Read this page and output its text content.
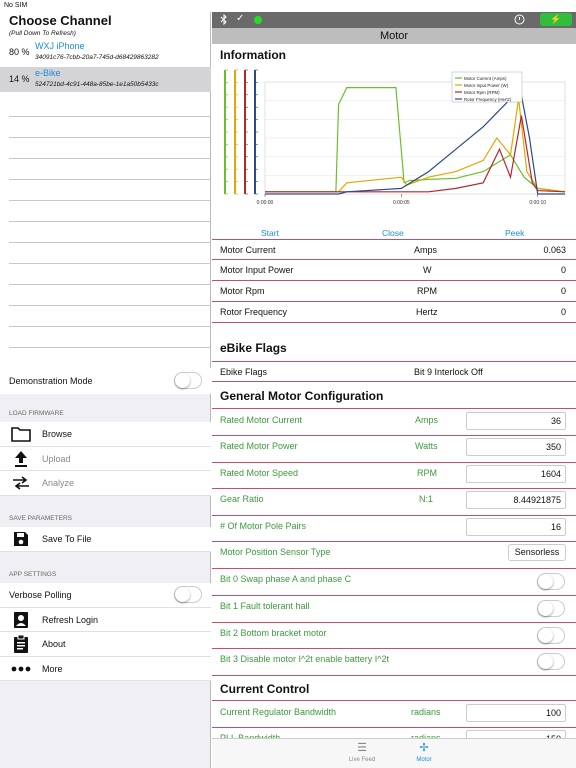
No SIM
Choose Channel
(Pull Down To Refresh)
80 %
WXJ iPhone
34091c76-7cbb-20a7-745d-d68429863282
14 %
e-Bike
524721bd-4c91-448a-85be-1e1a50b5433c
Demonstration Mode
LOAD FIRMWARE
Browse
Upload
Analyze
SAVE PARAMETERS
Save To File
APP SETTINGS
Verbose Polling
Refresh Login
About
More
✓	⚡
Motor
Information
0:00:00	0:00:05	0:00:10
Motor Current (Amps)
Motor Input Power (W)
Motor Rpm (RPM)
Rotor Frequency (Hertz)
Start	Close	Peek
Motor Current	Amps	0.063
Motor Input Power	W	0
Motor Rpm	RPM	0
Rotor Frequency	Hertz	0
eBike Flags
Ebike Flags	Bit 9 Interlock Off
General Motor Configuration
Rated Motor Current	Amps	36
Rated Motor Power	Watts	350
Rated Motor Speed	RPM	1604
Gear Ratio	N:1	8.44921875
# Of Motor Pole Pairs	16
Motor Position Sensor Type	Sensorless
Bit 0 Swap phase A and phase C
Bit 1 Fault tolerant hall
Bit 2 Bottom bracket motor
Bit 3 Disable motor I^2t enable battery I^2t
Current Control
Current Regulator Bandwidth	radians	100
☰
Live Feed
✢
Motor
